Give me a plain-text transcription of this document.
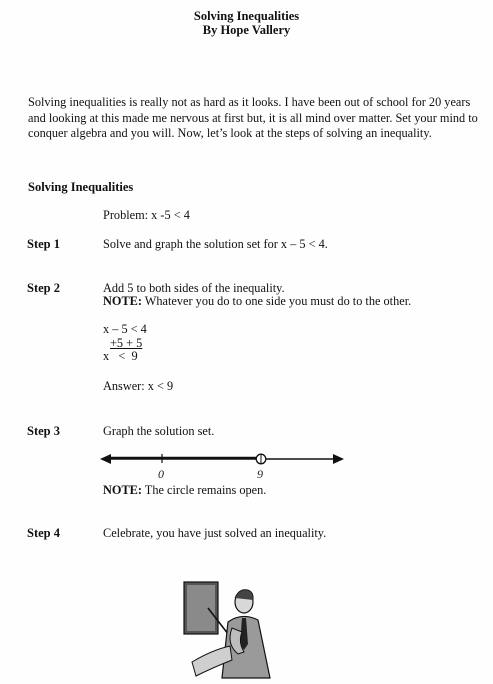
Solving Inequalities
By Hope Vallery
Solving inequalities is really not as hard as it looks. I have been out of school for 20 years and looking at this made me nervous at first but, it is all mind over matter. Set your mind to conquer algebra and you will. Now, let’s look at the steps of solving an inequality.
Solving Inequalities
Problem: x -5 < 4
Step 1	Solve and graph the solution set for x – 5 < 4.
Step 2	Add 5 to both sides of the inequality.
NOTE: Whatever you do to one side you must do to the other.
x – 5 < 4
+5 + 5
x   <  9
Answer: x < 9
Step 3	Graph the solution set.
0	9
NOTE: The circle remains open.
Step 4	Celebrate, you have just solved an inequality.
